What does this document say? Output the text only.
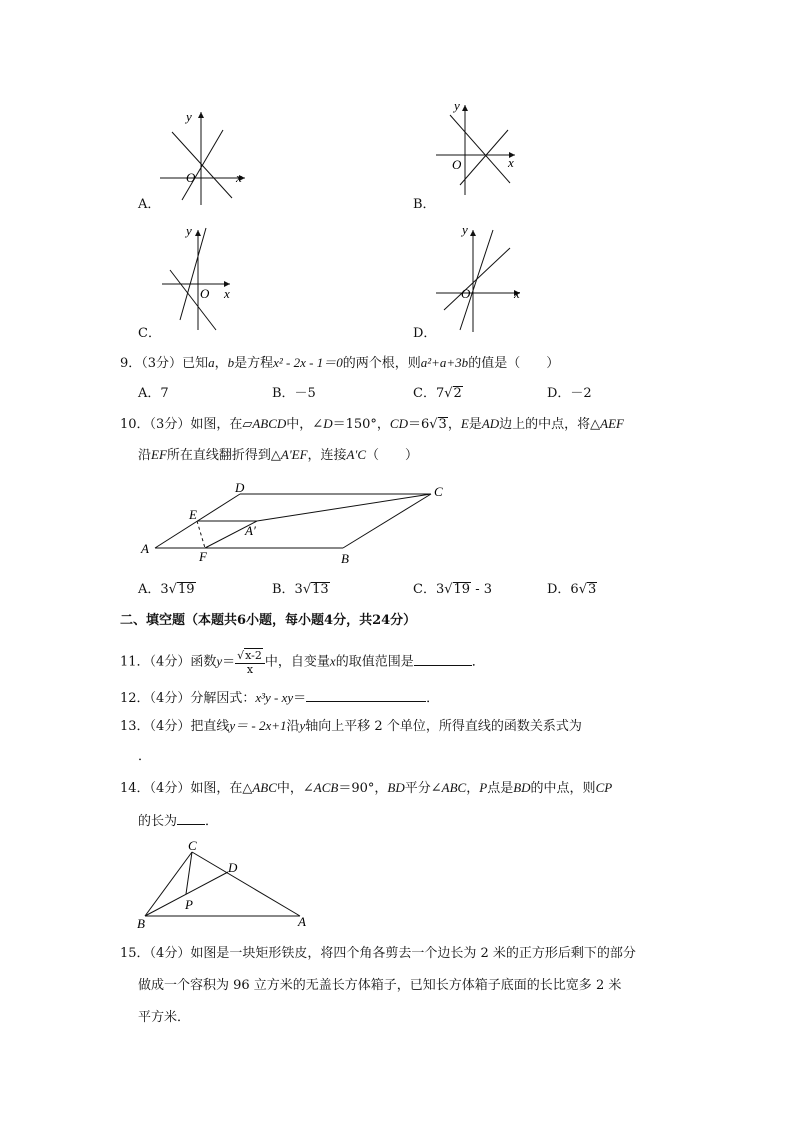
x
y
O
A．
x
y
O
B．
x
y
O
C．
x
y
O
D．
9．（3分）已知a，b是方程x² - 2x - 1＝0的两个根，则a²+a+3b的值是（　　）
A．7	B．－5	C．7√2	D．－2
10．（3分）如图，在▱ABCD中，∠D＝150°，CD＝6√3，E是AD边上的中点，将△AEF
沿EF所在直线翻折得到△A'EF，连接A′C（　　）
A
B
C
D
E
F
A′
A．3√19	B．3√13	C．3√19 - 3	D．6√3
二、填空题（本题共6小题，每小题4分，共24分）
11．（4分）函数$y= \frac{√x-2}{x}$ 中，自变量x的取值范围是	．
12．（4分）分解因式：x³y - xy＝	．
13．（4分）把直线y＝ - 2x+1沿y轴向上平移 2 个单位，所得直线的函数关系式为
．
14．（4分）如图，在△ABC中，∠ACB＝90°，BD平分∠ABC，P点是BD的中点，则CP
的长为 ．
C
D
P
B	A
15．（4分）如图是一块矩形铁皮，将四个角各剪去一个边长为 2 米的正方形后剩下的部分
做成一个容积为 96 立方米的无盖长方体箱子，已知长方体箱子底面的长比宽多 2 米
平方米．
